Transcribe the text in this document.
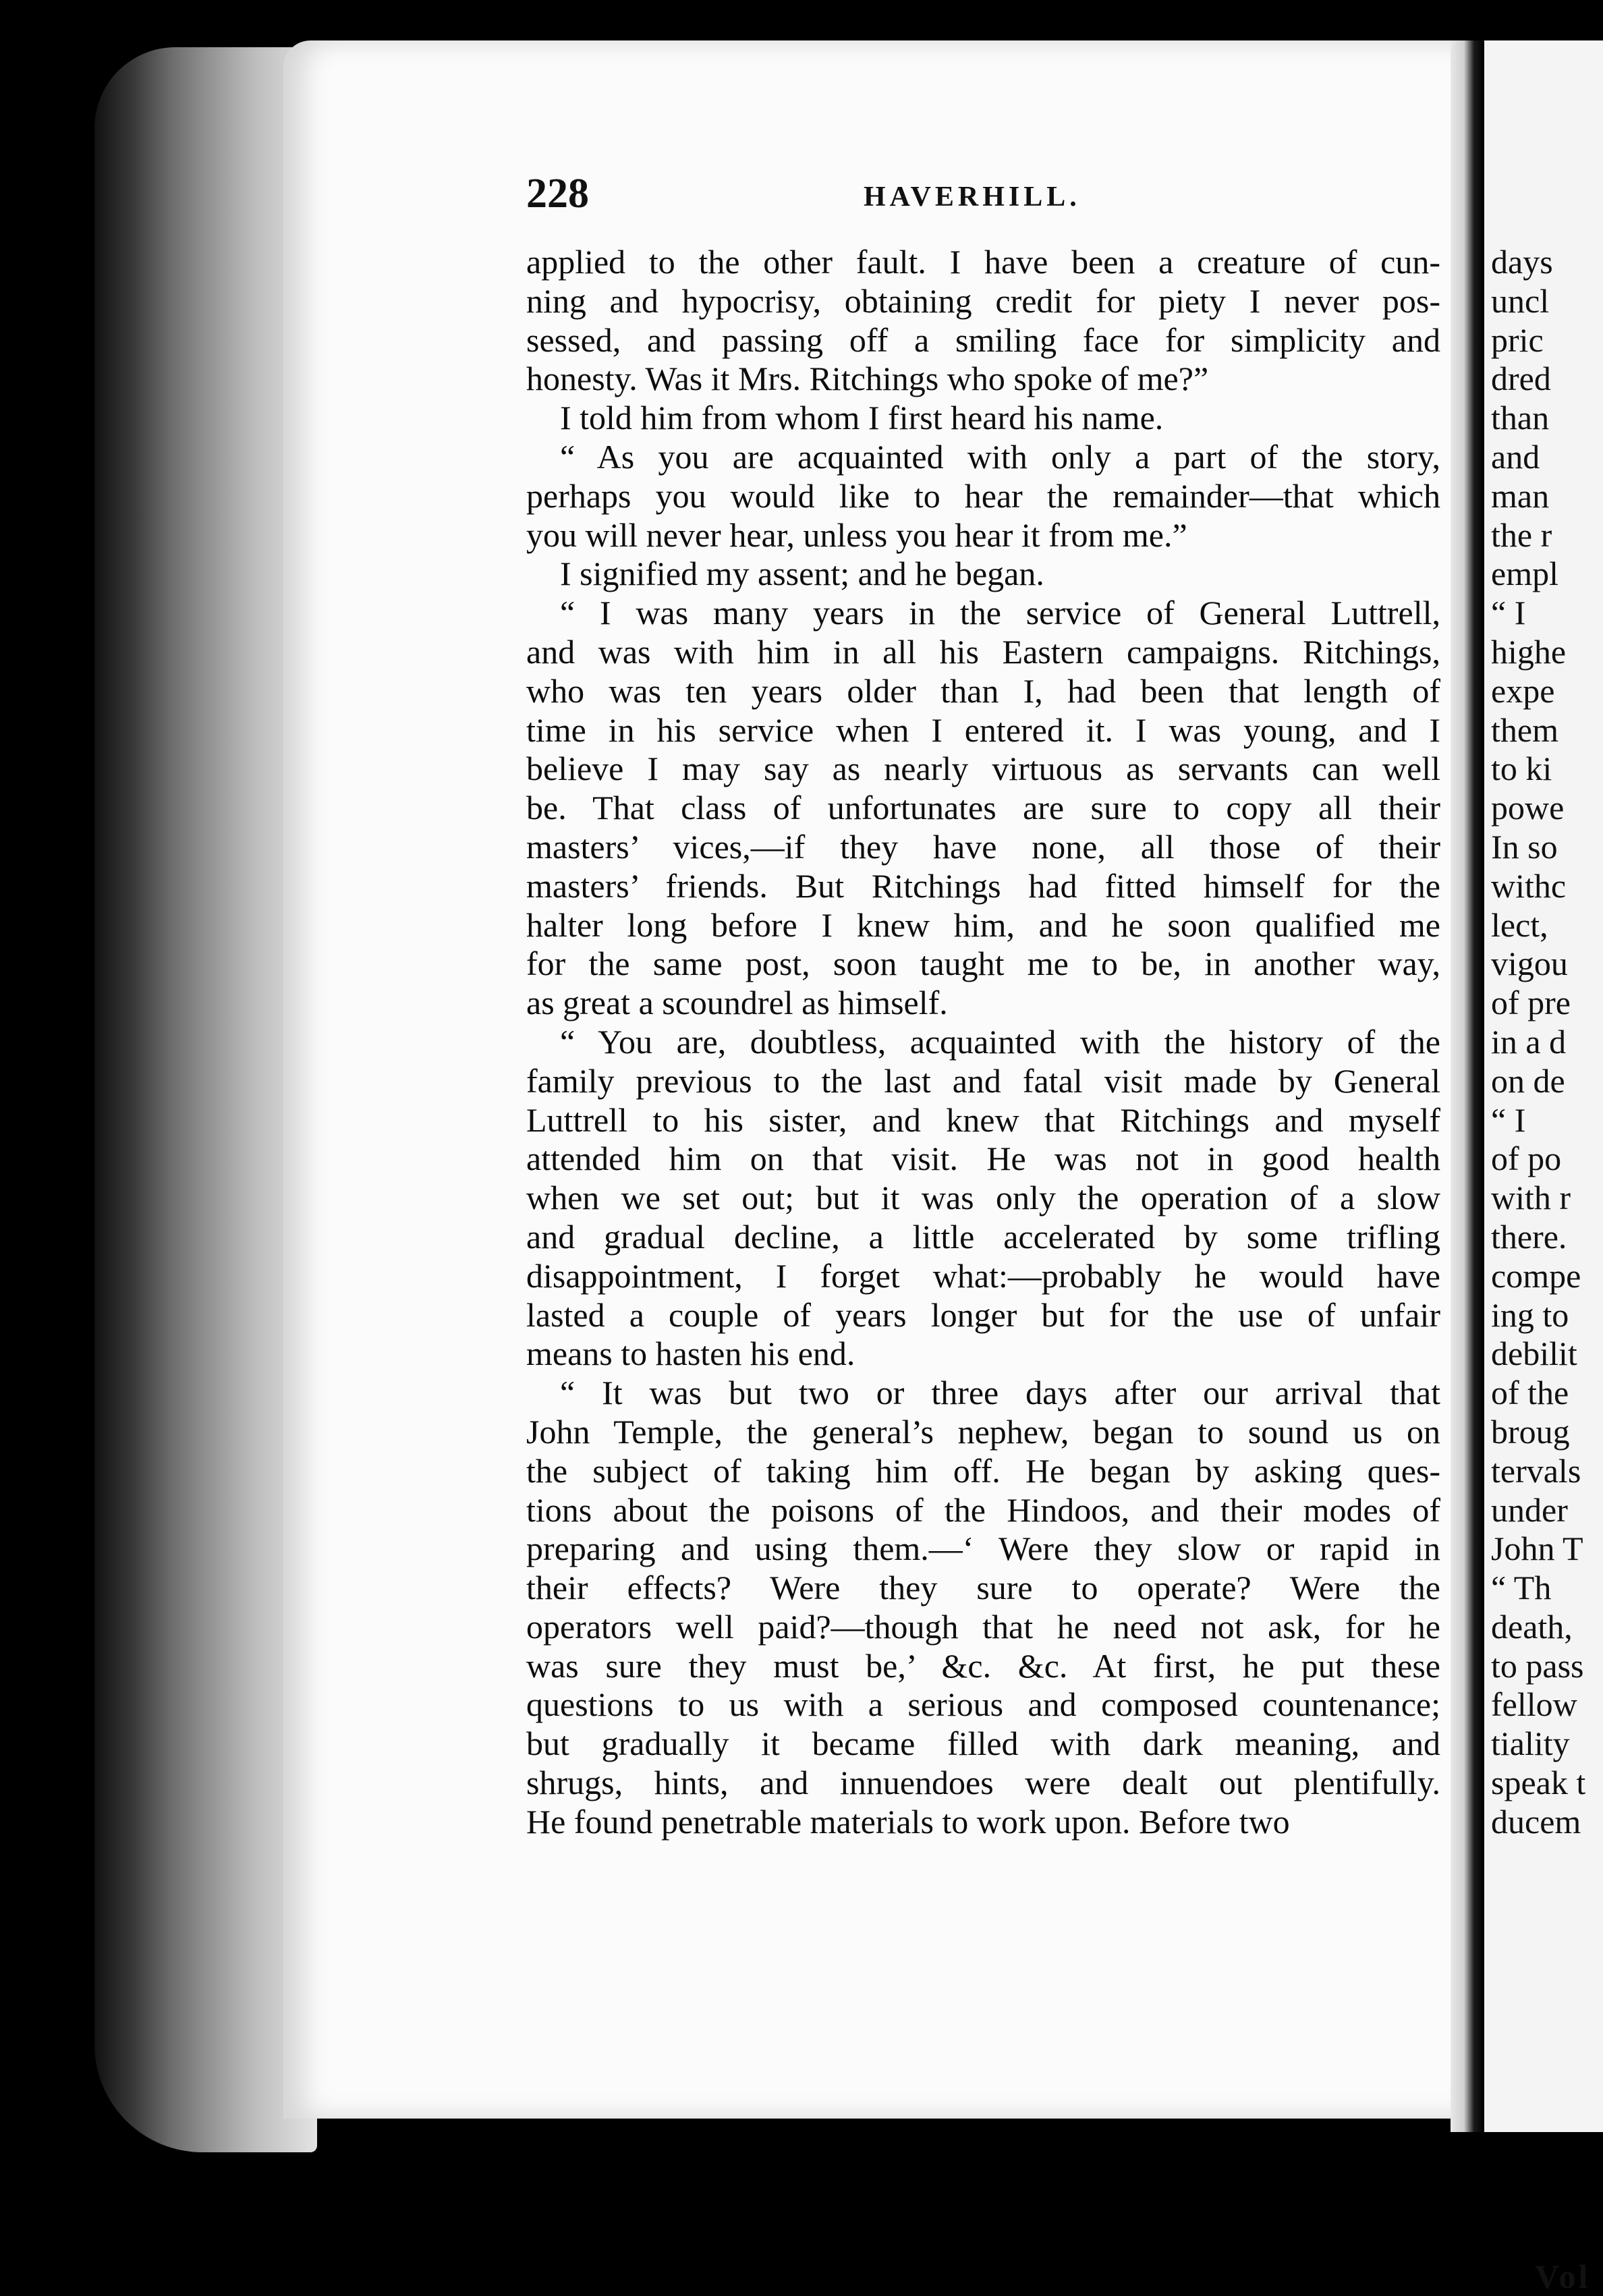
228	HAVERHILL.
applied to the other fault. I have been a creature of cun-
ning and hypocrisy, obtaining credit for piety I never pos-
sessed, and passing off a smiling face for simplicity and
honesty. Was it Mrs. Ritchings who spoke of me?”
I told him from whom I first heard his name.
“ As you are acquainted with only a part of the story,
perhaps you would like to hear the remainder—that which
you will never hear, unless you hear it from me.”
I signified my assent; and he began.
“ I was many years in the service of General Luttrell,
and was with him in all his Eastern campaigns. Ritchings,
who was ten years older than I, had been that length of
time in his service when I entered it. I was young, and I
believe I may say as nearly virtuous as servants can well
be. That class of unfortunates are sure to copy all their
masters’ vices,—if they have none, all those of their
masters’ friends. But Ritchings had fitted himself for the
halter long before I knew him, and he soon qualified me
for the same post, soon taught me to be, in another way,
as great a scoundrel as himself.
“ You are, doubtless, acquainted with the history of the
family previous to the last and fatal visit made by General
Luttrell to his sister, and knew that Ritchings and myself
attended him on that visit. He was not in good health
when we set out; but it was only the operation of a slow
and gradual decline, a little accelerated by some trifling
disappointment, I forget what:—probably he would have
lasted a couple of years longer but for the use of unfair
means to hasten his end.
“ It was but two or three days after our arrival that
John Temple, the general’s nephew, began to sound us on
the subject of taking him off. He began by asking ques-
tions about the poisons of the Hindoos, and their modes of
preparing and using them.—‘ Were they slow or rapid in
their effects? Were they sure to operate? Were the
operators well paid?—though that he need not ask, for he
was sure they must be,’ &c. &c. At first, he put these
questions to us with a serious and composed countenance;
but gradually it became filled with dark meaning, and
shrugs, hints, and innuendoes were dealt out plentifully.
He found penetrable materials to work upon. Before two
days
uncl
pric
dred
than
and
man
the r
empl
“ I
highe
expe
them
to ki
powe
In so
withc
lect,
vigou
of pre
in a d
on de
“ I
of po
with r
there.
compe
ing to
debilit
of the
broug
tervals
under
John T
“ Th
death,
to pass
fellow
tiality
speak t
ducem
Vol
